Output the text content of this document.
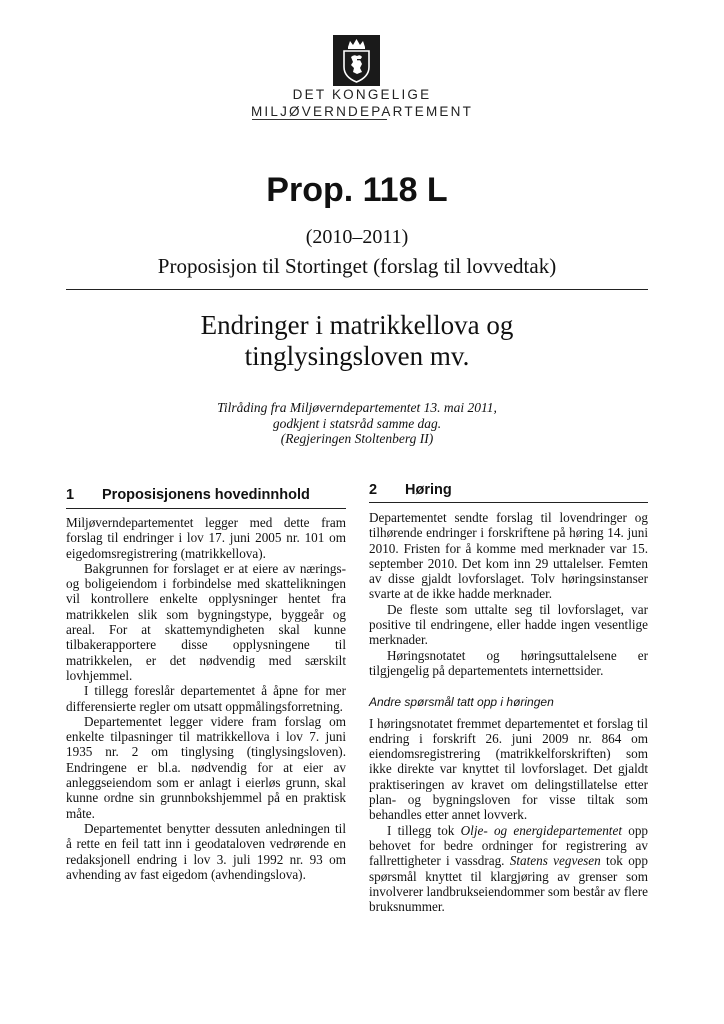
DET KONGELIGE
MILJØVERNDEPARTEMENT
Prop. 118 L
(2010–2011)
Proposisjon til Stortinget (forslag til lovvedtak)
Endringer i matrikkellova og
tinglysingsloven mv.
Tilråding fra Miljøverndepartementet 13. mai 2011,
godkjent i statsråd samme dag.
(Regjeringen Stoltenberg II)
1 Proposisjonens hovedinnhold

Miljøverndepartementet legger med dette fram forslag til endringer i lov 17. juni 2005 nr. 101 om eigedomsregistrering (matrikkellova).

Bakgrunnen for forslaget er at eiere av nærings- og boligeiendom i forbindelse med skattelikningen vil kontrollere enkelte opplysninger hentet fra matrikkelen slik som bygningstype, byggeår og areal. For at skattemyndigheten skal kunne tilbakerapportere disse opplysningene til matrikkelen, er det nødvendig med særskilt lovhjemmel.

I tillegg foreslår departementet å åpne for mer differensierte regler om utsatt oppmålingsforretning.

Departementet legger videre fram forslag om enkelte tilpasninger til matrikkellova i lov 7. juni 1935 nr. 2 om tinglysing (tinglysingsloven). Endringene er bl.a. nødvendig for at eier av anleggseiendom som er anlagt i eierløs grunn, skal kunne ordne sin grunnbokshjemmel på en praktisk måte.

Departementet benytter dessuten anledningen til å rette en feil tatt inn i geodataloven vedrørende en redaksjonell endring i lov 3. juli 1992 nr. 93 om avhending av fast eigedom (avhendingslova).

2 Høring

Departementet sendte forslag til lovendringer og tilhørende endringer i forskriftene på høring 14. juni 2010. Fristen for å komme med merknader var 15. september 2010. Det kom inn 29 uttalelser. Femten av disse gjaldt lovforslaget. Tolv høringsinstanser svarte at de ikke hadde merknader.

De fleste som uttalte seg til lovforslaget, var positive til endringene, eller hadde ingen vesentlige merknader.

Høringsnotatet og høringsuttalelsene er tilgjengelig på departementets internettsider.

Andre spørsmål tatt opp i høringen

I høringsnotatet fremmet departementet et forslag til endring i forskrift 26. juni 2009 nr. 864 om eiendomsregistrering (matrikkelforskriften) som ikke direkte var knyttet til lovforslaget. Det gjaldt praktiseringen av kravet om delingstillatelse etter plan- og bygningsloven for visse tiltak som behandles etter annet lovverk.

I tillegg tok Olje- og energidepartementet opp behovet for bedre ordninger for registrering av fallrettigheter i vassdrag. Statens vegvesen tok opp spørsmål knyttet til klargjøring av grenser som involverer landbrukseiendommer som består av flere bruksnummer.
